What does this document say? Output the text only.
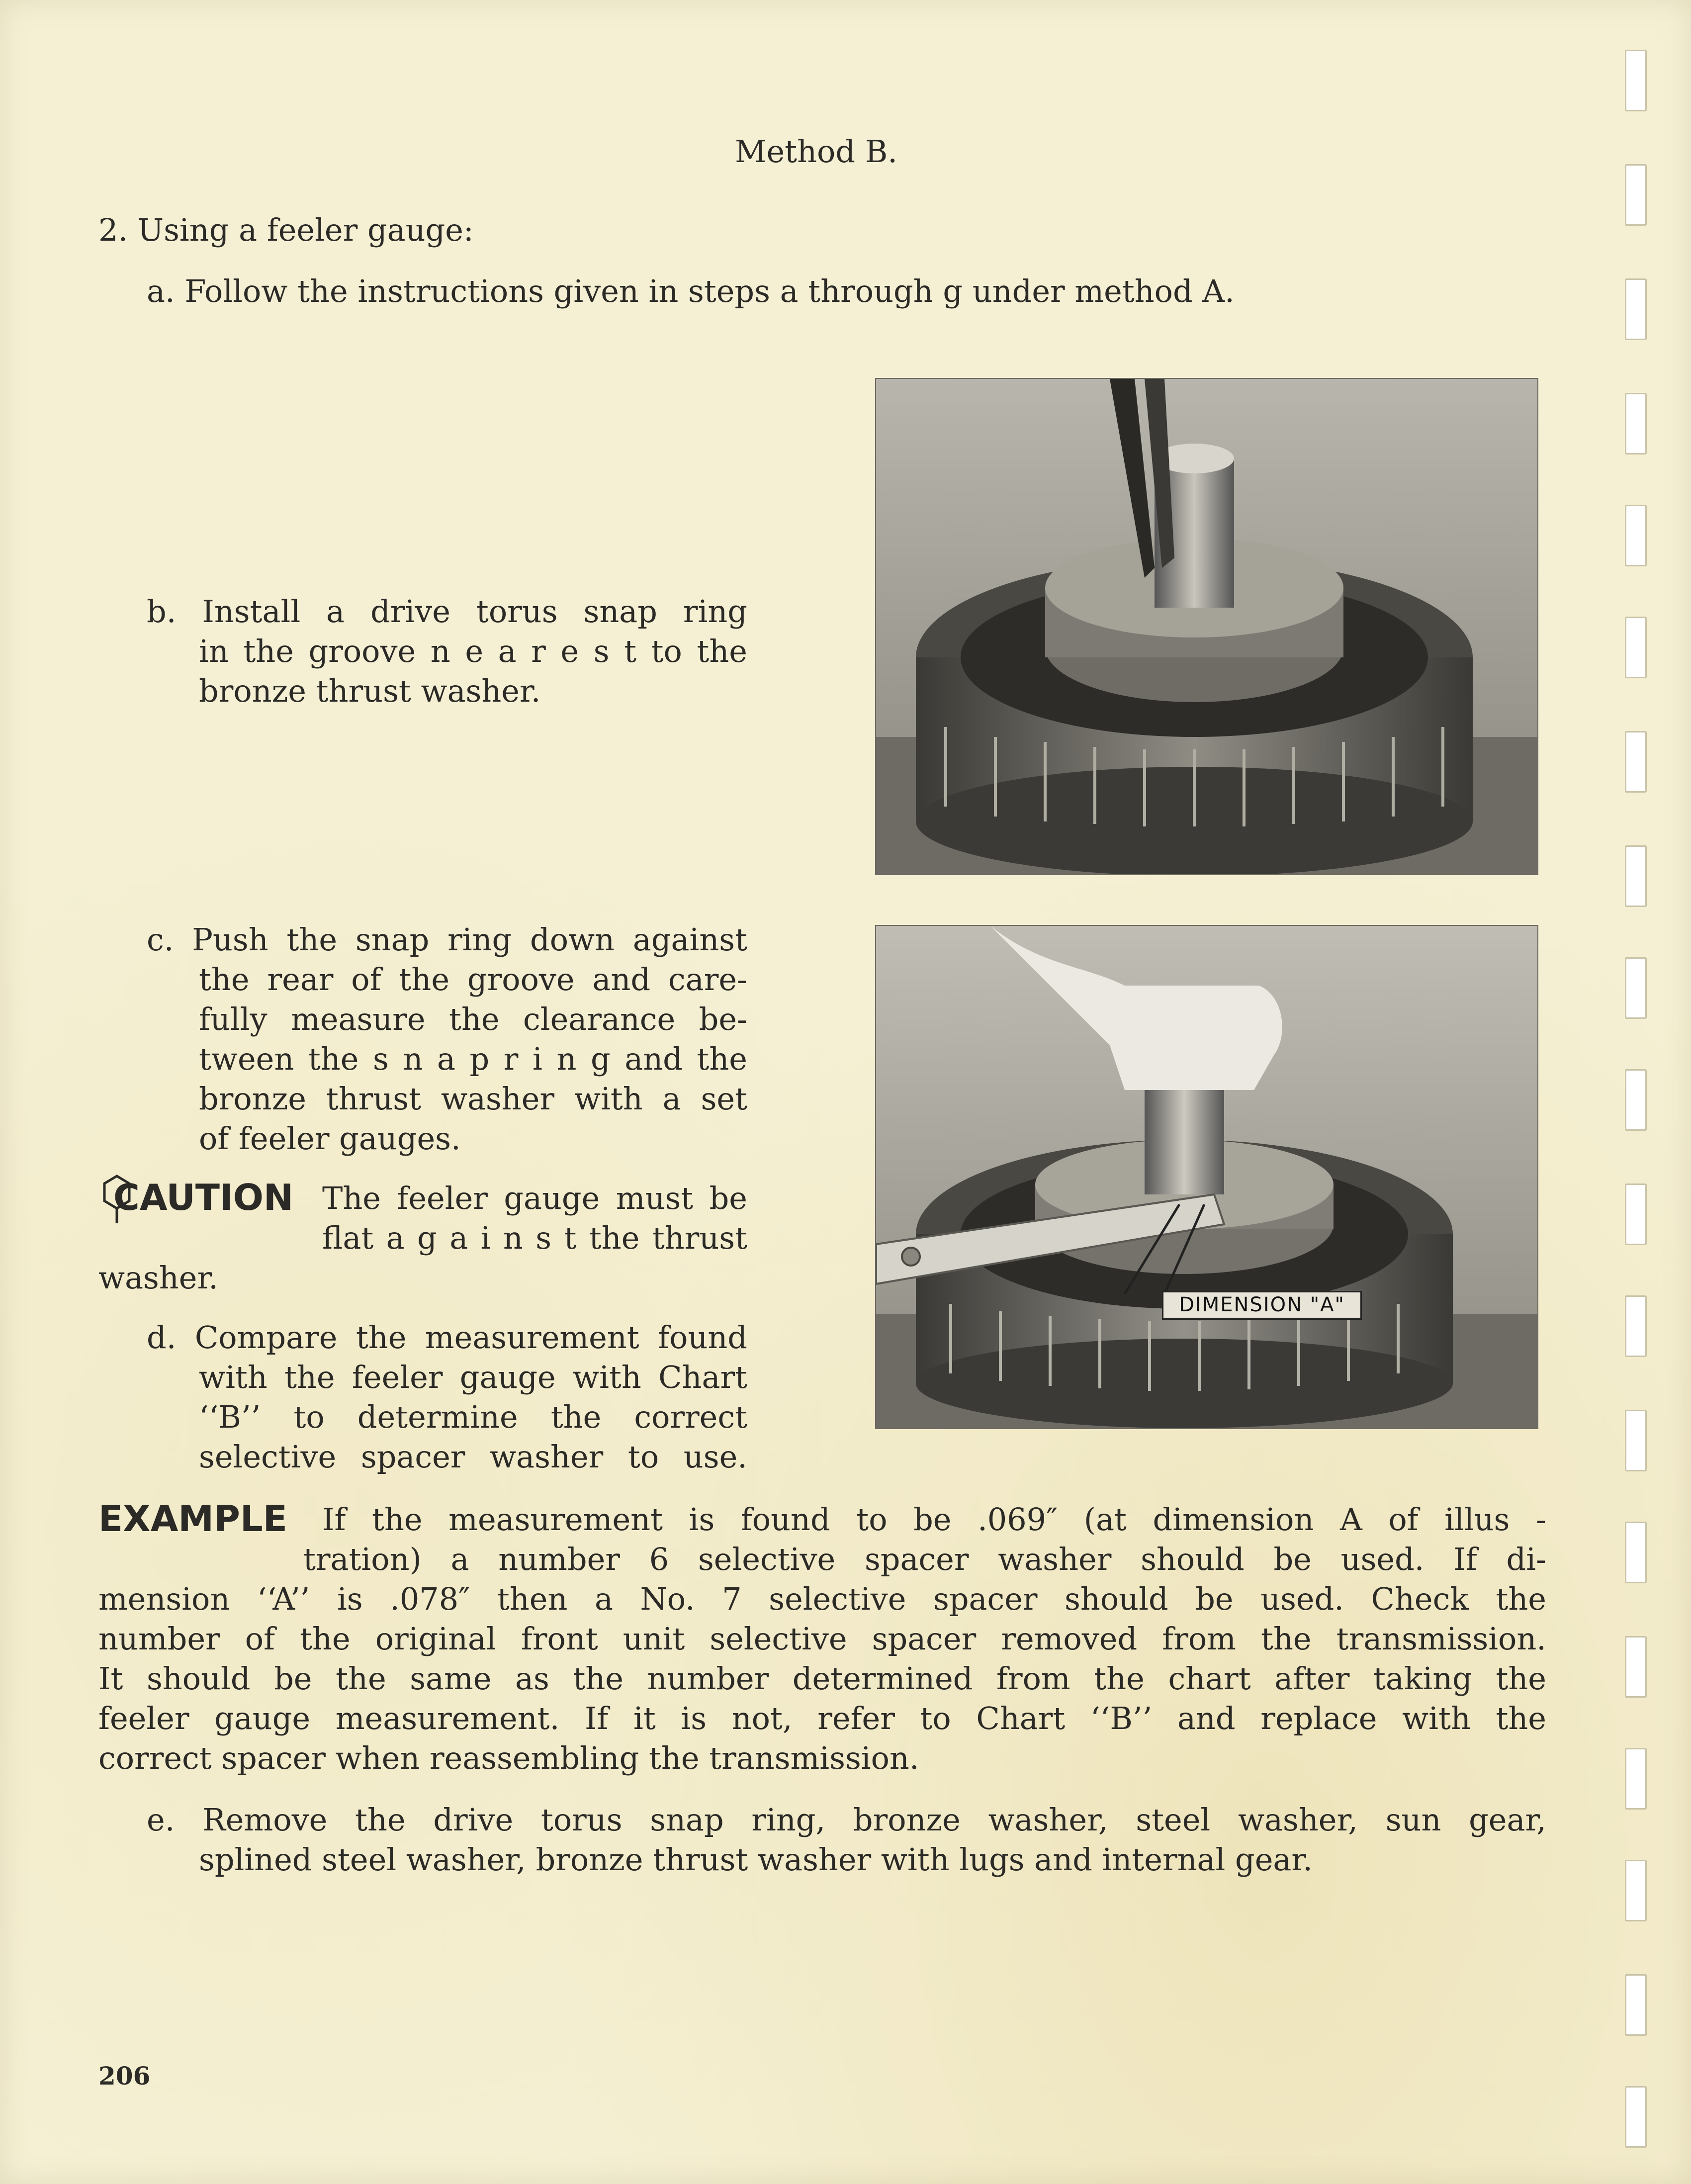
Method B.
2. Using a feeler gauge:
a. Follow the instructions given in steps a through g under method A.
b. Install a drive torus snap ring
in the groove n e a r e s t to the
bronze thrust washer.
c. Push the snap ring down against
the rear of the groove and care-
fully measure the clearance be-
tween the s n a p r i n g and the
bronze thrust washer with a set
of feeler gauges.
CAUTION The feeler gauge must be
flat a g a i n s t the thrust
washer.
DIMENSION "A"
d. Compare the measurement found
with the feeler gauge with Chart
‘‘B’’ to determine the correct
selective spacer washer to use.
EXAMPLE If the measurement is found to be .069″ (at dimension A of illus -
tration) a number 6 selective spacer washer should be used. If di-
mension ‘‘A’’ is .078″ then a No. 7 selective spacer should be used. Check the
number of the original front unit selective spacer removed from the transmission.
It should be the same as the number determined from the chart after taking the
feeler gauge measurement. If it is not, refer to Chart ‘‘B’’ and replace with the
correct spacer when reassembling the transmission.
e. Remove the drive torus snap ring, bronze washer, steel washer, sun gear,
splined steel washer, bronze thrust washer with lugs and internal gear.
206
